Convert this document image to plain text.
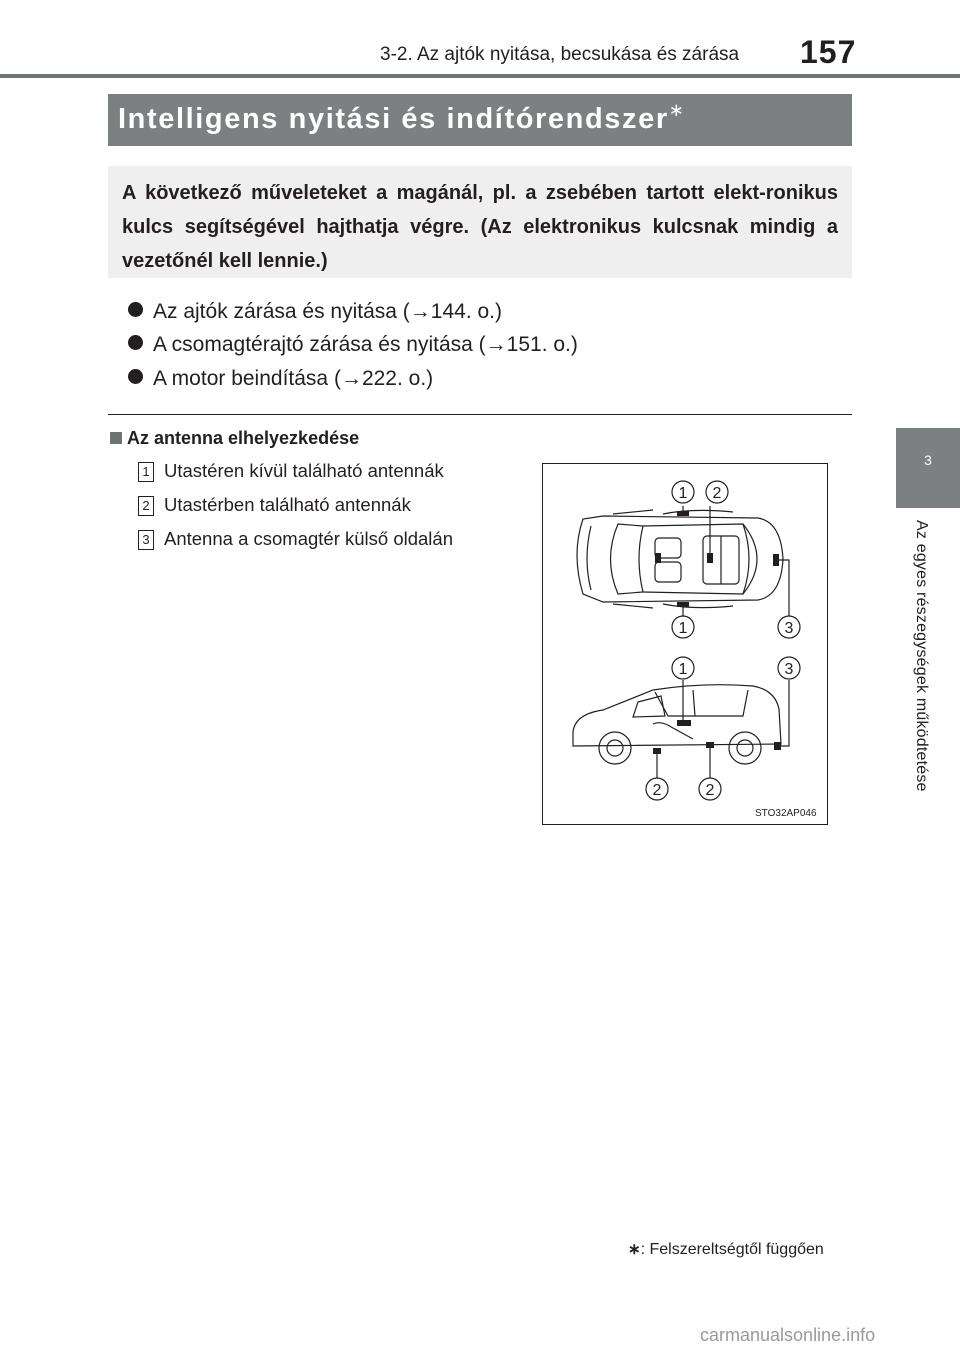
3-2. Az ajtók nyitása, becsukása és zárása 157
Intelligens nyitási és indítórendszer∗
A következő műveleteket a magánál, pl. a zsebében tartott elekt-ronikus kulcs segítségével hajthatja végre. (Az elektronikus kulcsnak mindig a vezetőnél kell lennie.)
Az ajtók zárása és nyitása (→144. o.)
A csomagtérajtó zárása és nyitása (→151. o.)
A motor beindítása (→222. o.)
Az antenna elhelyezkedése
1 Utastéren kívül található antennák
2 Utastérben található antennák
3 Antenna a csomagtér külső oldalán
1 2
1	3
1	3
2	2
STO32AP046
3
Az egyes részegységek működtetése
∗: Felszereltségtől függően
carmanualsonline.info
